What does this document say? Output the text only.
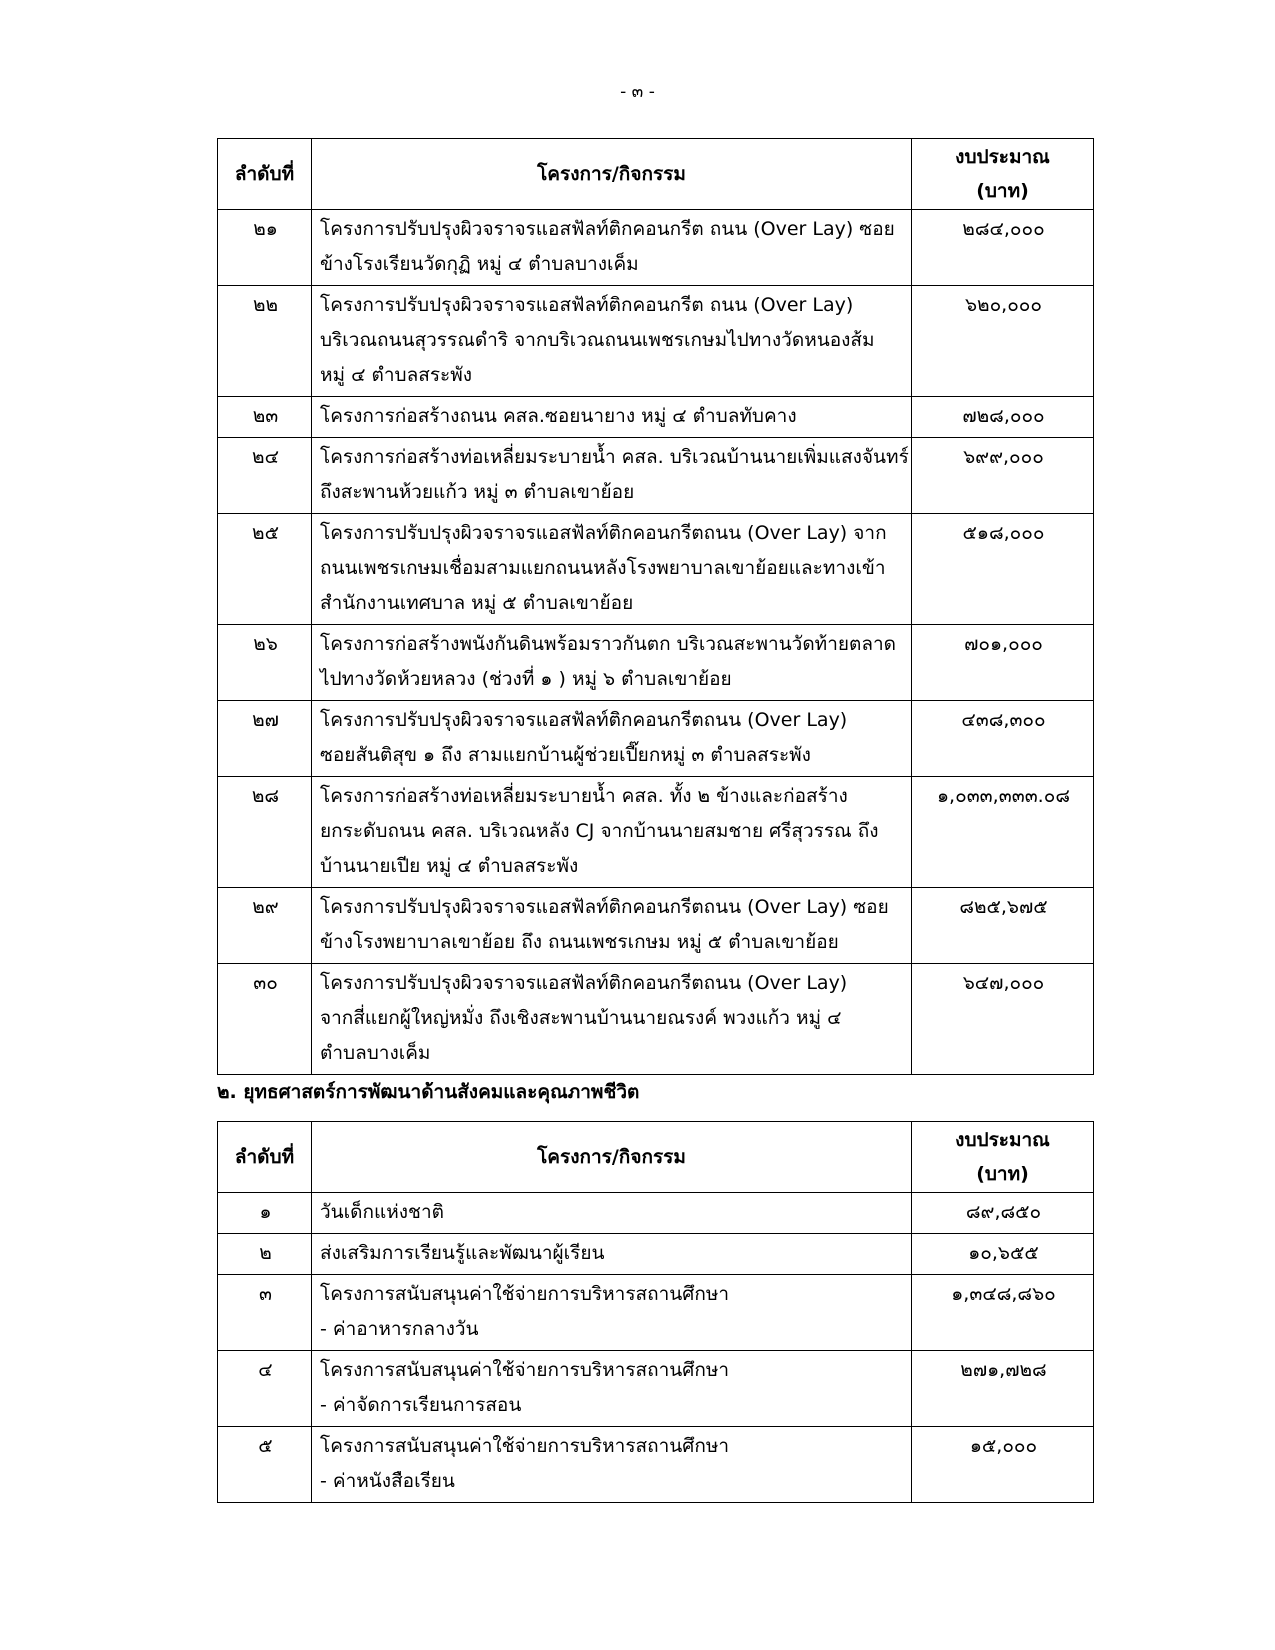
- ๓ -
ลำดับที่	โครงการ/กิจกรรม	งบประมาณ
(บาท)

๒๑	โครงการปรับปรุงผิวจราจรแอสฟัลท์ติกคอนกรีต ถนน (Over Lay) ซอย
ข้างโรงเรียนวัดกุฏิ หมู่ ๔ ตำบลบางเค็ม	๒๘๔,๐๐๐
๒๒	โครงการปรับปรุงผิวจราจรแอสฟัลท์ติกคอนกรีต ถนน (Over Lay)
บริเวณถนนสุวรรณดำริ จากบริเวณถนนเพชรเกษมไปทางวัดหนองส้ม
หมู่ ๔ ตำบลสระพัง	๖๒๐,๐๐๐
๒๓	โครงการก่อสร้างถนน คสล.ซอยนายาง หมู่ ๔ ตำบลทับคาง	๗๒๘,๐๐๐
๒๔	โครงการก่อสร้างท่อเหลี่ยมระบายน้ำ คสล. บริเวณบ้านนายเพิ่มแสงจันทร์
ถึงสะพานห้วยแก้ว หมู่ ๓ ตำบลเขาย้อย	๖๙๙,๐๐๐
๒๕	โครงการปรับปรุงผิวจราจรแอสฟัลท์ติกคอนกรีตถนน (Over Lay) จาก
ถนนเพชรเกษมเชื่อมสามแยกถนนหลังโรงพยาบาลเขาย้อยและทางเข้า
สำนักงานเทศบาล หมู่ ๕ ตำบลเขาย้อย	๕๑๘,๐๐๐
๒๖	โครงการก่อสร้างพนังกันดินพร้อมราวกันตก บริเวณสะพานวัดท้ายตลาด
ไปทางวัดห้วยหลวง (ช่วงที่ ๑ ) หมู่ ๖ ตำบลเขาย้อย	๗๐๑,๐๐๐
๒๗	โครงการปรับปรุงผิวจราจรแอสฟัลท์ติกคอนกรีตถนน (Over Lay)
ซอยสันติสุข ๑ ถึง สามแยกบ้านผู้ช่วยเปี๊ยกหมู่ ๓ ตำบลสระพัง	๔๓๘,๓๐๐
๒๘	โครงการก่อสร้างท่อเหลี่ยมระบายน้ำ คสล. ทั้ง ๒ ข้างและก่อสร้าง
ยกระดับถนน คสล. บริเวณหลัง CJ จากบ้านนายสมชาย ศรีสุวรรณ ถึง
บ้านนายเปีย หมู่ ๔ ตำบลสระพัง	๑,๐๓๓,๓๓๓.๐๘
๒๙	โครงการปรับปรุงผิวจราจรแอสฟัลท์ติกคอนกรีตถนน (Over Lay) ซอย
ข้างโรงพยาบาลเขาย้อย ถึง ถนนเพชรเกษม หมู่ ๕ ตำบลเขาย้อย	๘๒๕,๖๗๕
๓๐	โครงการปรับปรุงผิวจราจรแอสฟัลท์ติกคอนกรีตถนน (Over Lay)
จากสี่แยกผู้ใหญ่หมั่ง ถึงเชิงสะพานบ้านนายณรงค์ พวงแก้ว หมู่ ๔
ตำบลบางเค็ม	๖๔๗,๐๐๐
๒. ยุทธศาสตร์การพัฒนาด้านสังคมและคุณภาพชีวิต
ลำดับที่	โครงการ/กิจกรรม	งบประมาณ
(บาท)

๑	วันเด็กแห่งชาติ	๘๙,๘๕๐
๒	ส่งเสริมการเรียนรู้และพัฒนาผู้เรียน	๑๐,๖๕๕
๓	โครงการสนับสนุนค่าใช้จ่ายการบริหารสถานศึกษา
- ค่าอาหารกลางวัน	๑,๓๔๘,๘๖๐
๔	โครงการสนับสนุนค่าใช้จ่ายการบริหารสถานศึกษา
- ค่าจัดการเรียนการสอน	๒๗๑,๗๒๘
๕	โครงการสนับสนุนค่าใช้จ่ายการบริหารสถานศึกษา
- ค่าหนังสือเรียน	๑๕,๐๐๐
